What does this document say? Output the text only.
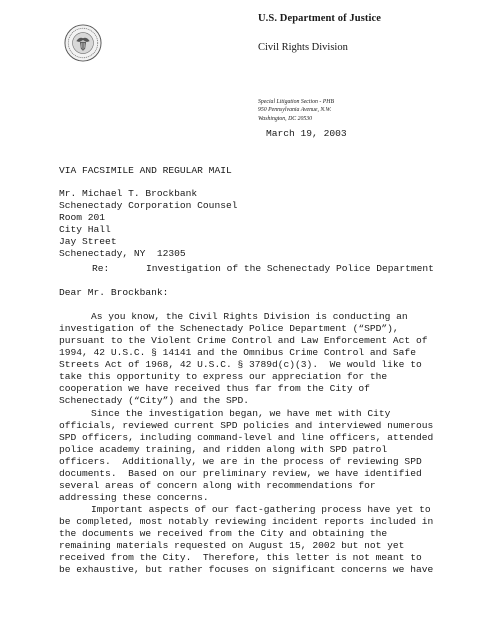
U.S. Department of Justice
Civil Rights Division
Special Litigation Section - PHB
950 Pennsylvania Avenue, N.W.
Washington, DC 20530
March 19, 2003
VIA FACSIMILE AND REGULAR MAIL
Mr. Michael T. Brockbank
Schenectady Corporation Counsel
Room 201
City Hall
Jay Street
Schenectady, NY  12305
Re:	Investigation of the Schenectady Police Department
Dear Mr. Brockbank:
As you know, the Civil Rights Division is conducting an
investigation of the Schenectady Police Department (“SPD”),
pursuant to the Violent Crime Control and Law Enforcement Act of
1994, 42 U.S.C. § 14141 and the Omnibus Crime Control and Safe
Streets Act of 1968, 42 U.S.C. § 3789d(c)(3).  We would like to
take this opportunity to express our appreciation for the
cooperation we have received thus far from the City of
Schenectady (“City”) and the SPD.
Since the investigation began, we have met with City
officials, reviewed current SPD policies and interviewed numerous
SPD officers, including command-level and line officers, attended
police academy training, and ridden along with SPD patrol
officers.  Additionally, we are in the process of reviewing SPD
documents.  Based on our preliminary review, we have identified
several areas of concern along with recommendations for
addressing these concerns.
Important aspects of our fact-gathering process have yet to
be completed, most notably reviewing incident reports included in
the documents we received from the City and obtaining the
remaining materials requested on August 15, 2002 but not yet
received from the City.  Therefore, this letter is not meant to
be exhaustive, but rather focuses on significant concerns we have
